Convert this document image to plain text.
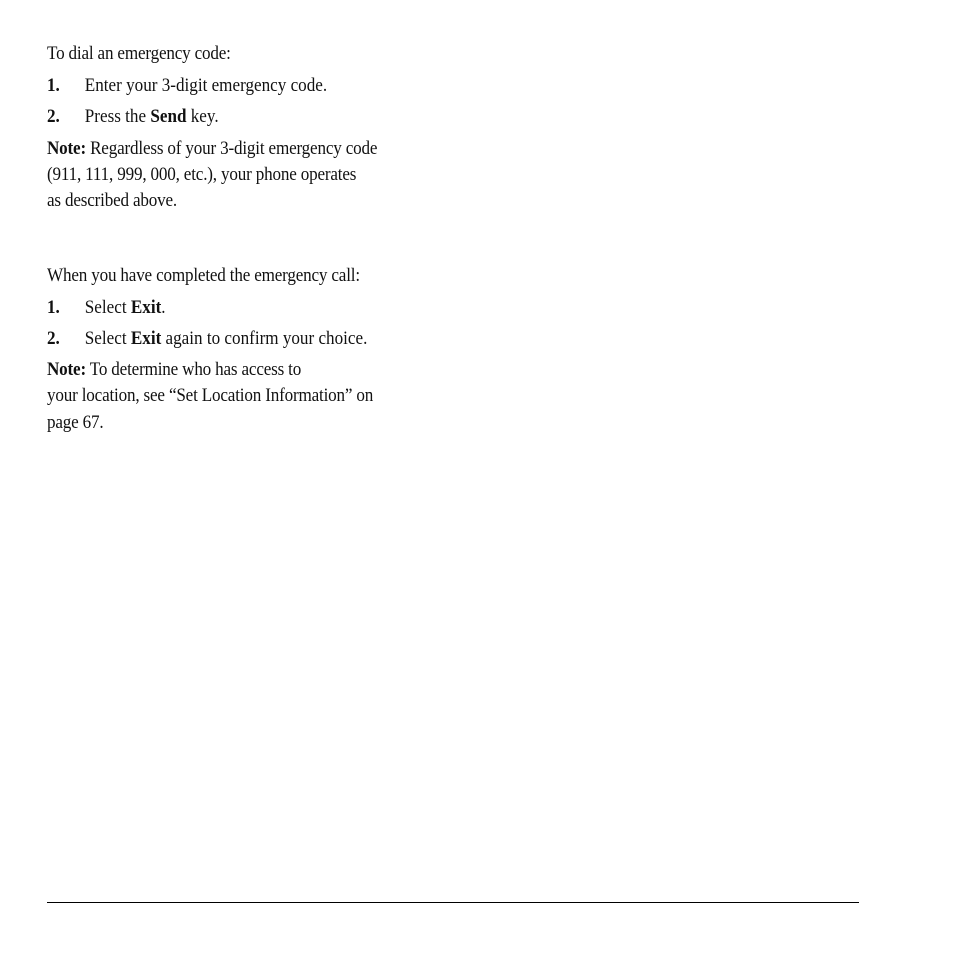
To dial an emergency code:
1. Enter your 3-digit emergency code.
2. Press the Send key.
Note: Regardless of your 3-digit emergency code
(911, 111, 999, 000, etc.), your phone operates
as described above.
When you have completed the emergency call:
1. Select Exit.
2. Select Exit again to confirm your choice.
Note: To determine who has access to
your location, see “Set Location Information” on
page 67.
